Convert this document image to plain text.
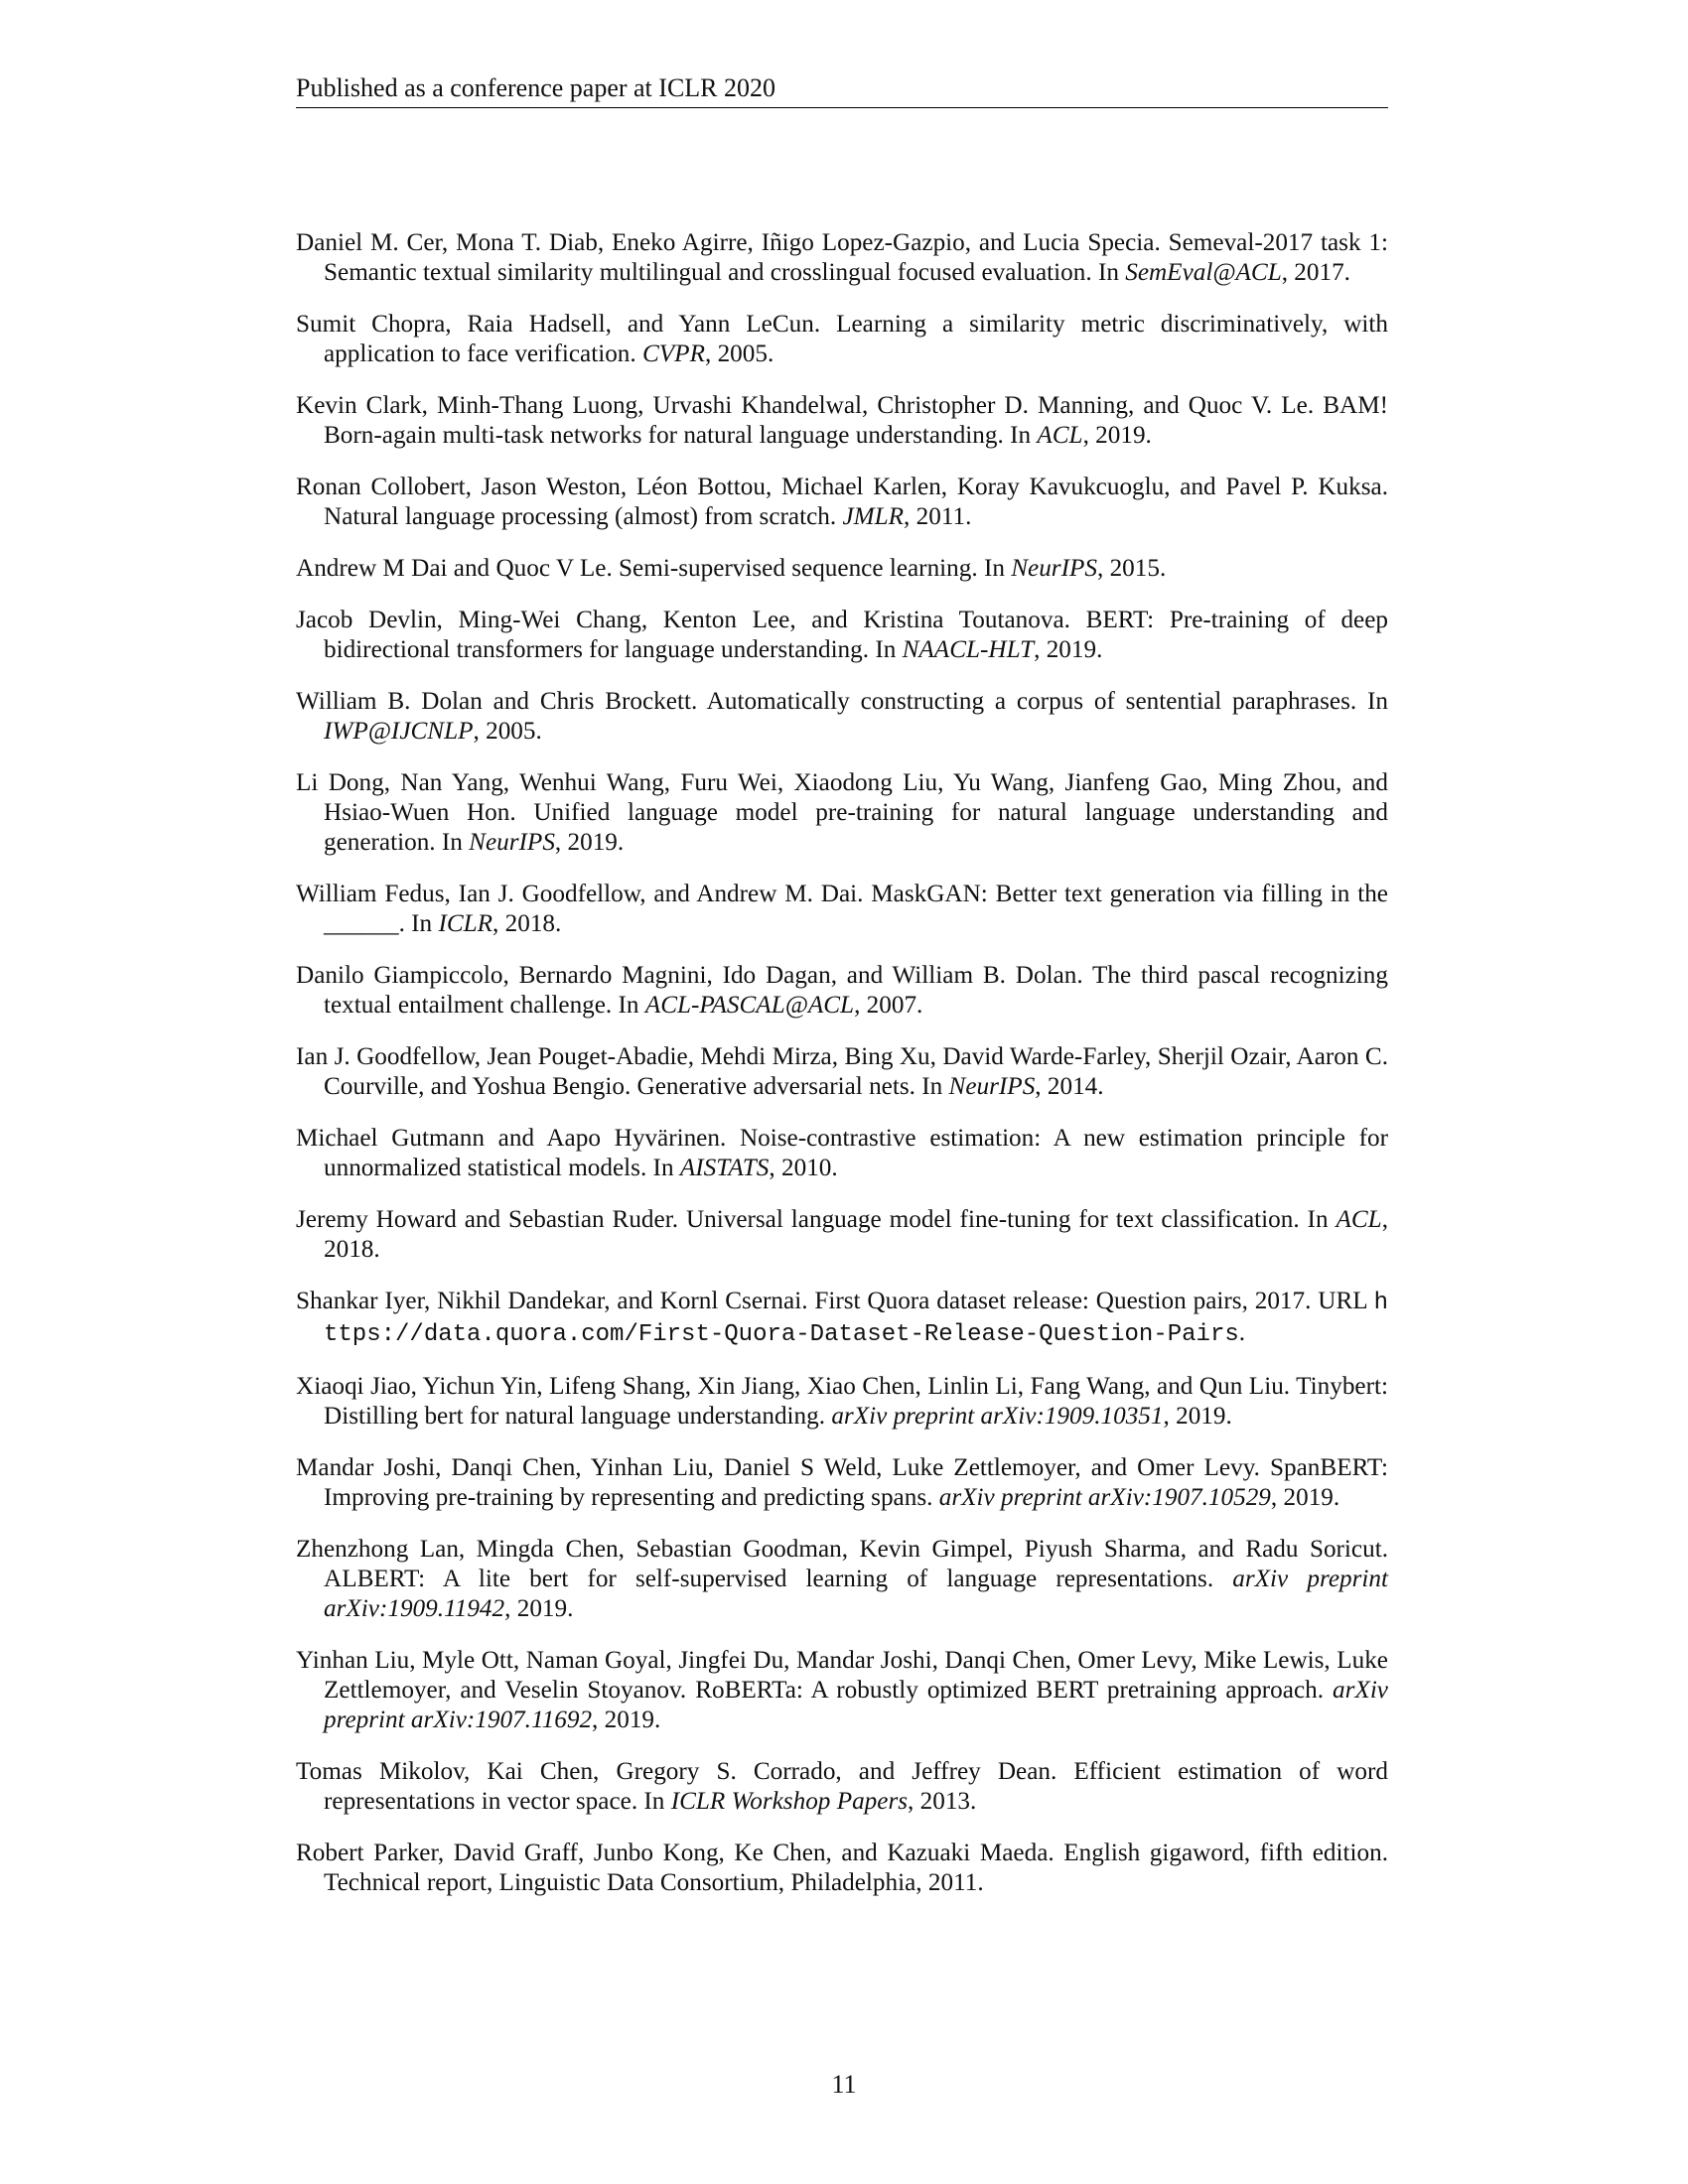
Published as a conference paper at ICLR 2020
Daniel M. Cer, Mona T. Diab, Eneko Agirre, Iñigo Lopez-Gazpio, and Lucia Specia. Semeval-2017 task 1: Semantic textual similarity multilingual and crosslingual focused evaluation. In SemEval@ACL, 2017.
Sumit Chopra, Raia Hadsell, and Yann LeCun. Learning a similarity metric discriminatively, with application to face verification. CVPR, 2005.
Kevin Clark, Minh-Thang Luong, Urvashi Khandelwal, Christopher D. Manning, and Quoc V. Le. BAM! Born-again multi-task networks for natural language understanding. In ACL, 2019.
Ronan Collobert, Jason Weston, Léon Bottou, Michael Karlen, Koray Kavukcuoglu, and Pavel P. Kuksa. Natural language processing (almost) from scratch. JMLR, 2011.
Andrew M Dai and Quoc V Le. Semi-supervised sequence learning. In NeurIPS, 2015.
Jacob Devlin, Ming-Wei Chang, Kenton Lee, and Kristina Toutanova. BERT: Pre-training of deep bidirectional transformers for language understanding. In NAACL-HLT, 2019.
William B. Dolan and Chris Brockett. Automatically constructing a corpus of sentential paraphrases. In IWP@IJCNLP, 2005.
Li Dong, Nan Yang, Wenhui Wang, Furu Wei, Xiaodong Liu, Yu Wang, Jianfeng Gao, Ming Zhou, and Hsiao-Wuen Hon. Unified language model pre-training for natural language understanding and generation. In NeurIPS, 2019.
William Fedus, Ian J. Goodfellow, and Andrew M. Dai. MaskGAN: Better text generation via filling in the ______. In ICLR, 2018.
Danilo Giampiccolo, Bernardo Magnini, Ido Dagan, and William B. Dolan. The third pascal recognizing textual entailment challenge. In ACL-PASCAL@ACL, 2007.
Ian J. Goodfellow, Jean Pouget-Abadie, Mehdi Mirza, Bing Xu, David Warde-Farley, Sherjil Ozair, Aaron C. Courville, and Yoshua Bengio. Generative adversarial nets. In NeurIPS, 2014.
Michael Gutmann and Aapo Hyvärinen. Noise-contrastive estimation: A new estimation principle for unnormalized statistical models. In AISTATS, 2010.
Jeremy Howard and Sebastian Ruder. Universal language model fine-tuning for text classification. In ACL, 2018.
Shankar Iyer, Nikhil Dandekar, and Kornl Csernai. First Quora dataset release: Question pairs, 2017. URL https://data.quora.com/First-Quora-Dataset-Release-Question-Pairs.
Xiaoqi Jiao, Yichun Yin, Lifeng Shang, Xin Jiang, Xiao Chen, Linlin Li, Fang Wang, and Qun Liu. Tinybert: Distilling bert for natural language understanding. arXiv preprint arXiv:1909.10351, 2019.
Mandar Joshi, Danqi Chen, Yinhan Liu, Daniel S Weld, Luke Zettlemoyer, and Omer Levy. SpanBERT: Improving pre-training by representing and predicting spans. arXiv preprint arXiv:1907.10529, 2019.
Zhenzhong Lan, Mingda Chen, Sebastian Goodman, Kevin Gimpel, Piyush Sharma, and Radu Soricut. ALBERT: A lite bert for self-supervised learning of language representations. arXiv preprint arXiv:1909.11942, 2019.
Yinhan Liu, Myle Ott, Naman Goyal, Jingfei Du, Mandar Joshi, Danqi Chen, Omer Levy, Mike Lewis, Luke Zettlemoyer, and Veselin Stoyanov. RoBERTa: A robustly optimized BERT pretraining approach. arXiv preprint arXiv:1907.11692, 2019.
Tomas Mikolov, Kai Chen, Gregory S. Corrado, and Jeffrey Dean. Efficient estimation of word representations in vector space. In ICLR Workshop Papers, 2013.
Robert Parker, David Graff, Junbo Kong, Ke Chen, and Kazuaki Maeda. English gigaword, fifth edition. Technical report, Linguistic Data Consortium, Philadelphia, 2011.
11
